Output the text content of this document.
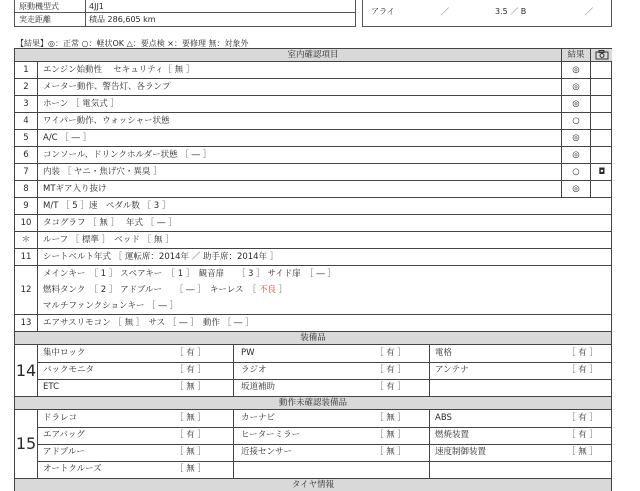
原動機型式	4JJ1
実走距離	積品 286,605 km
アライ	／	3.5 ／ B	／
【結果】◎：正常 ○：軽状OK △：要点検 ×：要修理 無：対象外
室内確認項目	結果
1	エンジン始動性　 セキュリティ［ 無 ］	◎
2	メーター動作、警告灯、各ランプ	◎
3	ホーン ［ 電気式 ］	◎
4	ワイパー動作、ウォッシャー状態	○
5	A/C ［ ― ］	◎
6	コンソール、ドリンクホルダー状態 ［ ― ］	◎
7	内装 ［ ヤニ・焦げ穴・異臭 ］	○	◘
8	MTギア入り抜け	◎
9	M/T ［ 5 ］速　ペダル数 ［ 3 ］
10	タコグラフ ［ 無 ］　 年式 ［ ― ］
＊	ルーフ ［ 標準 ］　ベッド ［ 無 ］
11	シートベルト年式 ［ 運転席：2014年 ／ 助手席：2014年 ］
12
メインキー　［ 1 ］ スペアキー　［ 1 ］　観音扉　　［ 3 ］ サイド扉　［ ― ］
燃料タンク　［ 2 ］ アドブルー　　［ ― ］　キーレス　［ 不良 ］
マルチファンクションキー ［ ― ］
13	エアサスリモコン ［ 無 ］　サス ［ ― ］　動作 ［ ― ］
装備品
14
集中ロック	［ 有 ］	PW	［ 有 ］	電格	［ 有 ］
バックモニタ	［ 有 ］	ラジオ	［ 有 ］	アンテナ	［ 有 ］
ETC	［ 無 ］	坂道補助	［ 有 ］
動作未確認装備品
15
ドラレコ	［ 無 ］	カーナビ	［ 無 ］	ABS	［ 有 ］
エアバッグ	［ 有 ］	ヒーターミラー	［ 無 ］	燃焼装置	［ 有 ］
アドブルー	［ 無 ］	近接センサー	［ 無 ］	速度制御装置	［ 無 ］
オートクルーズ	［ 無 ］
タイヤ情報
